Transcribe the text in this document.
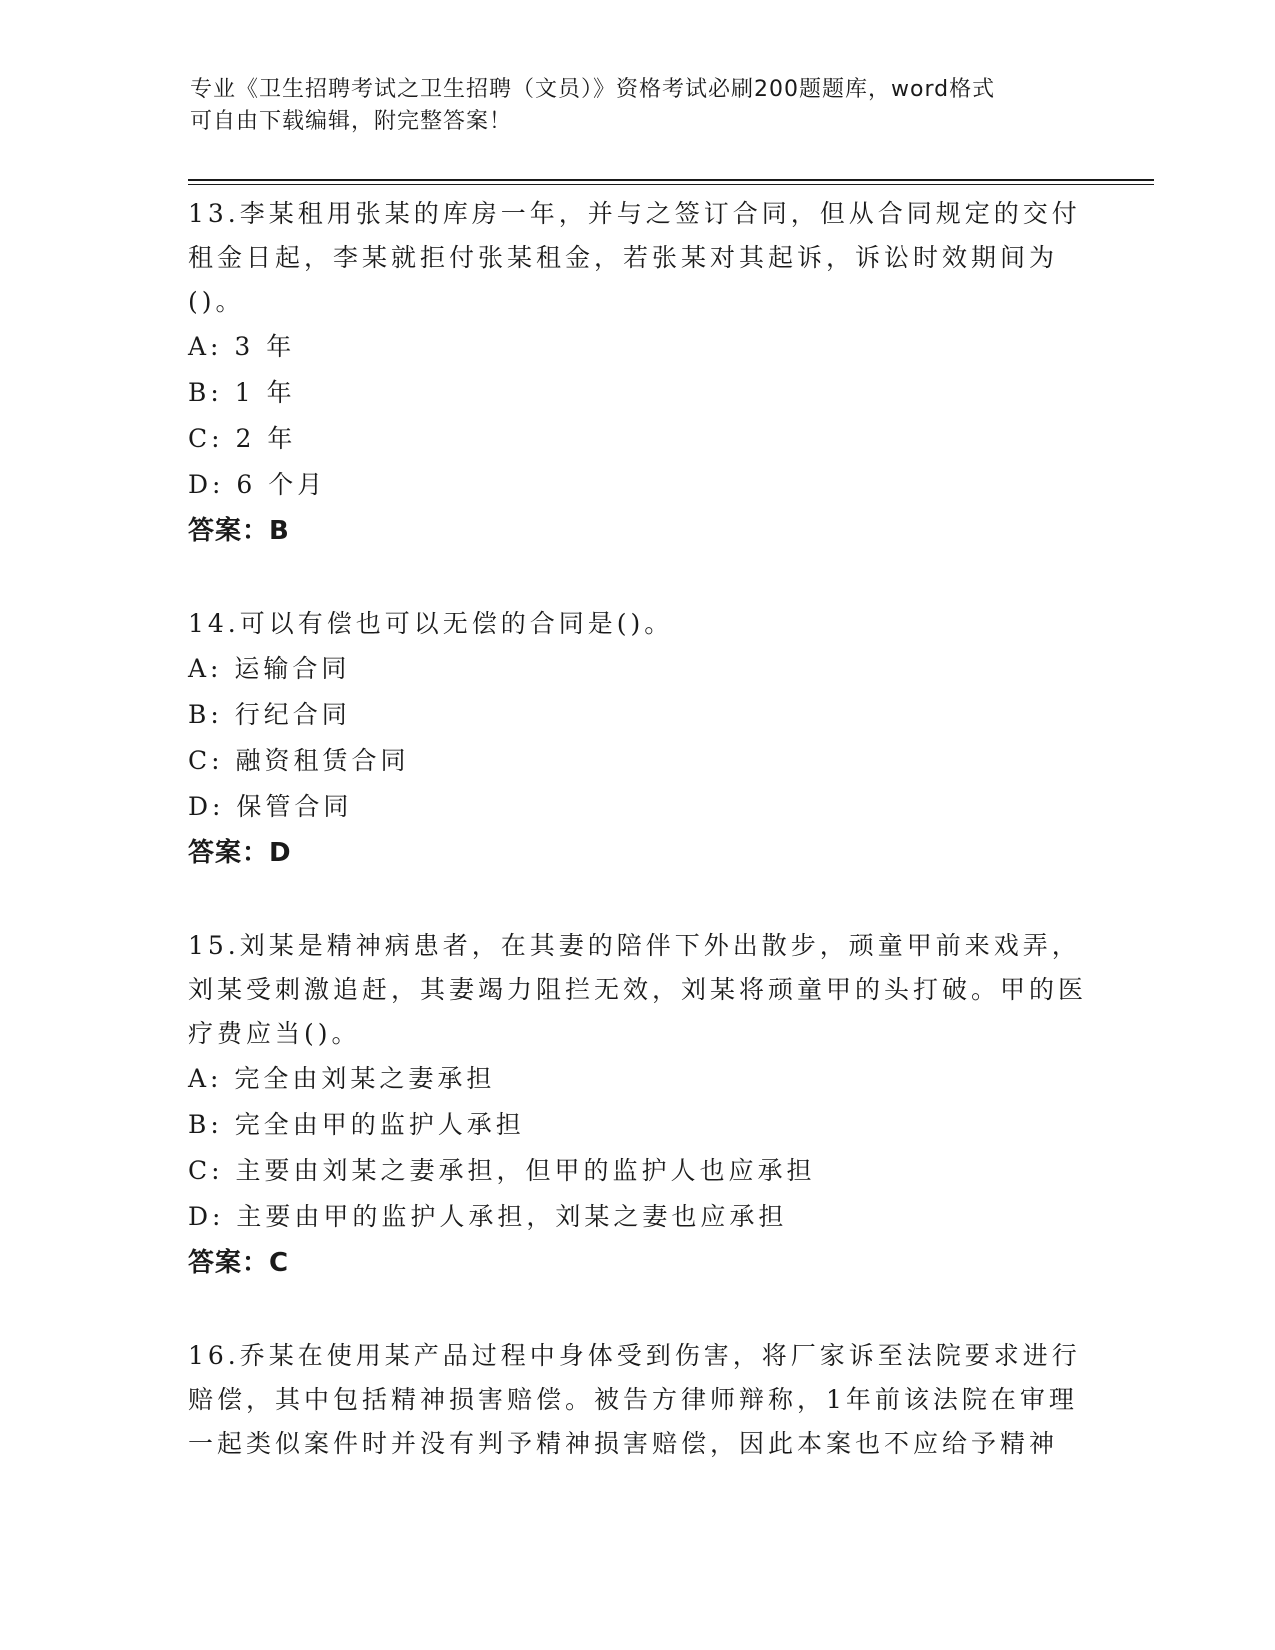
专业《卫生招聘考试之卫生招聘（文员）》资格考试必刷200题题库，word格式
可自由下载编辑，附完整答案！

13.李某租用张某的库房一年，并与之签订合同，但从合同规定的交付租金日起，李某就拒付张某租金，若张某对其起诉，诉讼时效期间为()。

A: 3 年

B: 1 年

C: 2 年

D: 6 个月

答案：B

14.可以有偿也可以无偿的合同是()。

A: 运输合同

B: 行纪合同

C: 融资租赁合同

D: 保管合同

答案：D

15.刘某是精神病患者，在其妻的陪伴下外出散步，顽童甲前来戏弄，刘某受刺激追赶，其妻竭力阻拦无效，刘某将顽童甲的头打破。甲的医疗费应当()。

A: 完全由刘某之妻承担

B: 完全由甲的监护人承担

C: 主要由刘某之妻承担，但甲的监护人也应承担

D: 主要由甲的监护人承担，刘某之妻也应承担

答案：C

16.乔某在使用某产品过程中身体受到伤害，将厂家诉至法院要求进行赔偿，其中包括精神损害赔偿。被告方律师辩称，1年前该法院在审理一起类似案件时并没有判予精神损害赔偿，因此本案也不应给予精神
